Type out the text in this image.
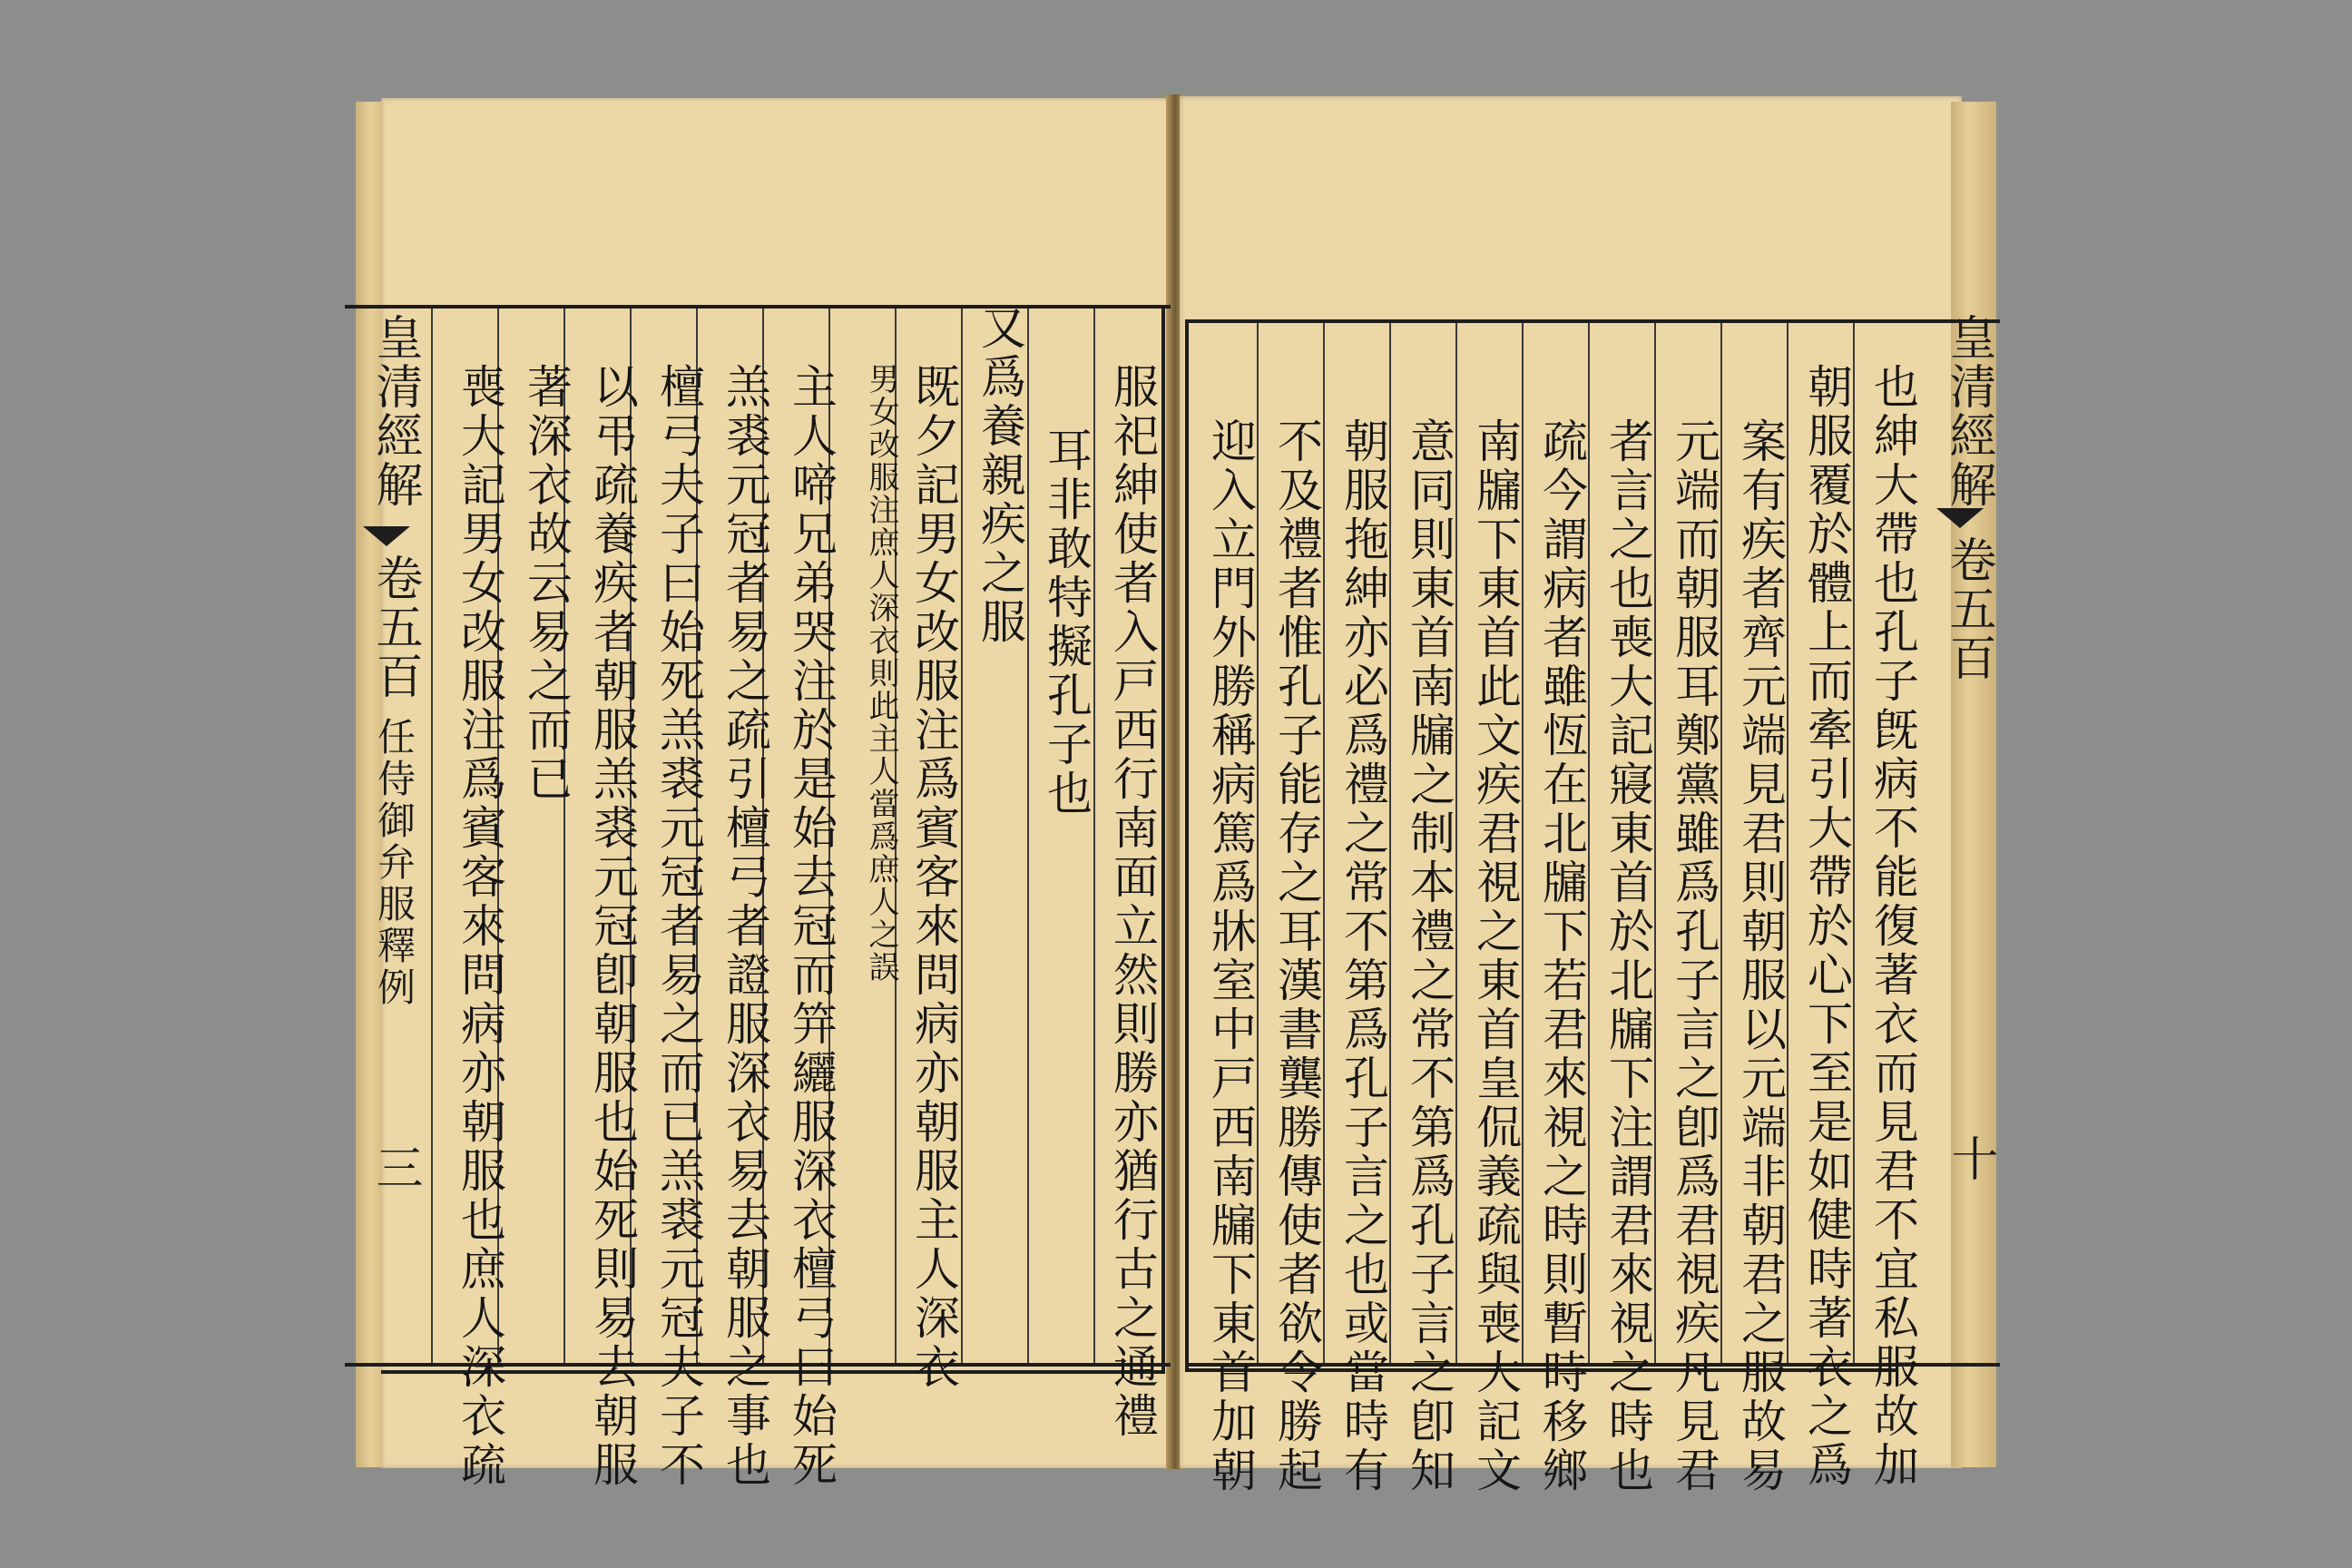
服祀紳使者入戸西行南面立然則勝亦猶行古之通禮
耳非敢特擬孔子也
又爲養親疾之服
既夕記男女改服注爲賓客來問病亦朝服主人深衣
男女改服注庶人深衣則此主人當爲庶人之誤
主人啼兄弟哭注於是始去冠而笄纚服深衣檀弓曰始死
羔裘元冠者易之疏引檀弓者證服深衣易去朝服之事也
檀弓夫子曰始死羔裘元冠者易之而已羔裘元冠夫子不
以弔疏養疾者朝服羔裘元冠卽朝服也始死則易去朝服
著深衣故云易之而已
喪大記男女改服注爲賓客來問病亦朝服也庶人深衣疏
皇清經解
卷五百
任侍御弁服釋例
三	也紳大帶也孔子旣病不能復著衣而見君不宜私服故加
朝服覆於體上而牽引大帶於心下至是如健時著衣之爲
案有疾者齊元端見君則朝服以元端非朝君之服故易
元端而朝服耳鄭黨雖爲孔子言之卽爲君視疾凡見君
者言之也喪大記寢東首於北牖下注謂君來視之時也
疏今謂病者雖恆在北牖下若君來視之時則暫時移鄉
南牖下東首此文疾君視之東首皇侃義疏與喪大記文
意同則東首南牖之制本禮之常不第爲孔子言之卽知
朝服拖紳亦必爲禮之常不第爲孔子言之也或當時有
不及禮者惟孔子能存之耳漢書龔勝傳使者欲令勝起
迎入立門外勝稱病篤爲牀室中戸西南牖下東首加朝
皇清經解
卷五百
十
